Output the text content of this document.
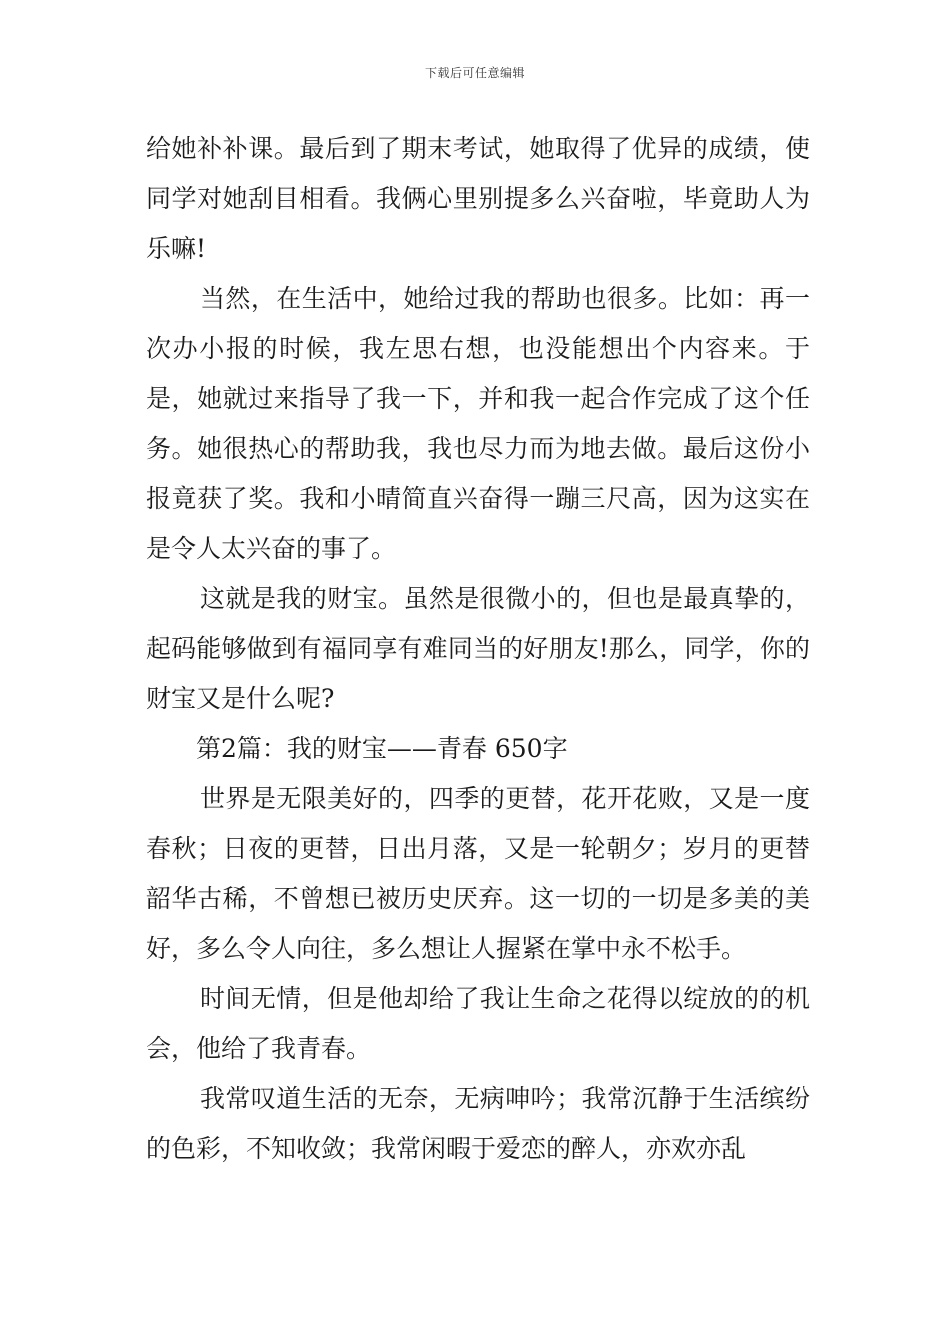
下载后可任意编辑

给她补补课。最后到了期末考试，她取得了优异的成绩，使同学对她刮目相看。我俩心里别提多么兴奋啦，毕竟助人为乐嘛!

当然，在生活中，她给过我的帮助也很多。比如：再一次办小报的时候，我左思右想，也没能想出个内容来。于是，她就过来指导了我一下，并和我一起合作完成了这个任务。她很热心的帮助我，我也尽力而为地去做。最后这份小报竟获了奖。我和小晴简直兴奋得一蹦三尺高，因为这实在是令人太兴奋的事了。

这就是我的财宝。虽然是很微小的，但也是最真挚的，起码能够做到有福同享有难同当的好朋友!那么，同学，你的财宝又是什么呢?

第2篇：我的财宝——青春 650字

世界是无限美好的，四季的更替，花开花败，又是一度春秋；日夜的更替，日出月落，又是一轮朝夕；岁月的更替韶华古稀，不曾想已被历史厌弃。这一切的一切是多美的美好，多么令人向往，多么想让人握紧在掌中永不松手。

时间无情，但是他却给了我让生命之花得以绽放的的机会，他给了我青春。

我常叹道生活的无奈，无病呻吟；我常沉静于生活缤纷的色彩，不知收敛；我常闲暇于爱恋的醉人，亦欢亦乱
